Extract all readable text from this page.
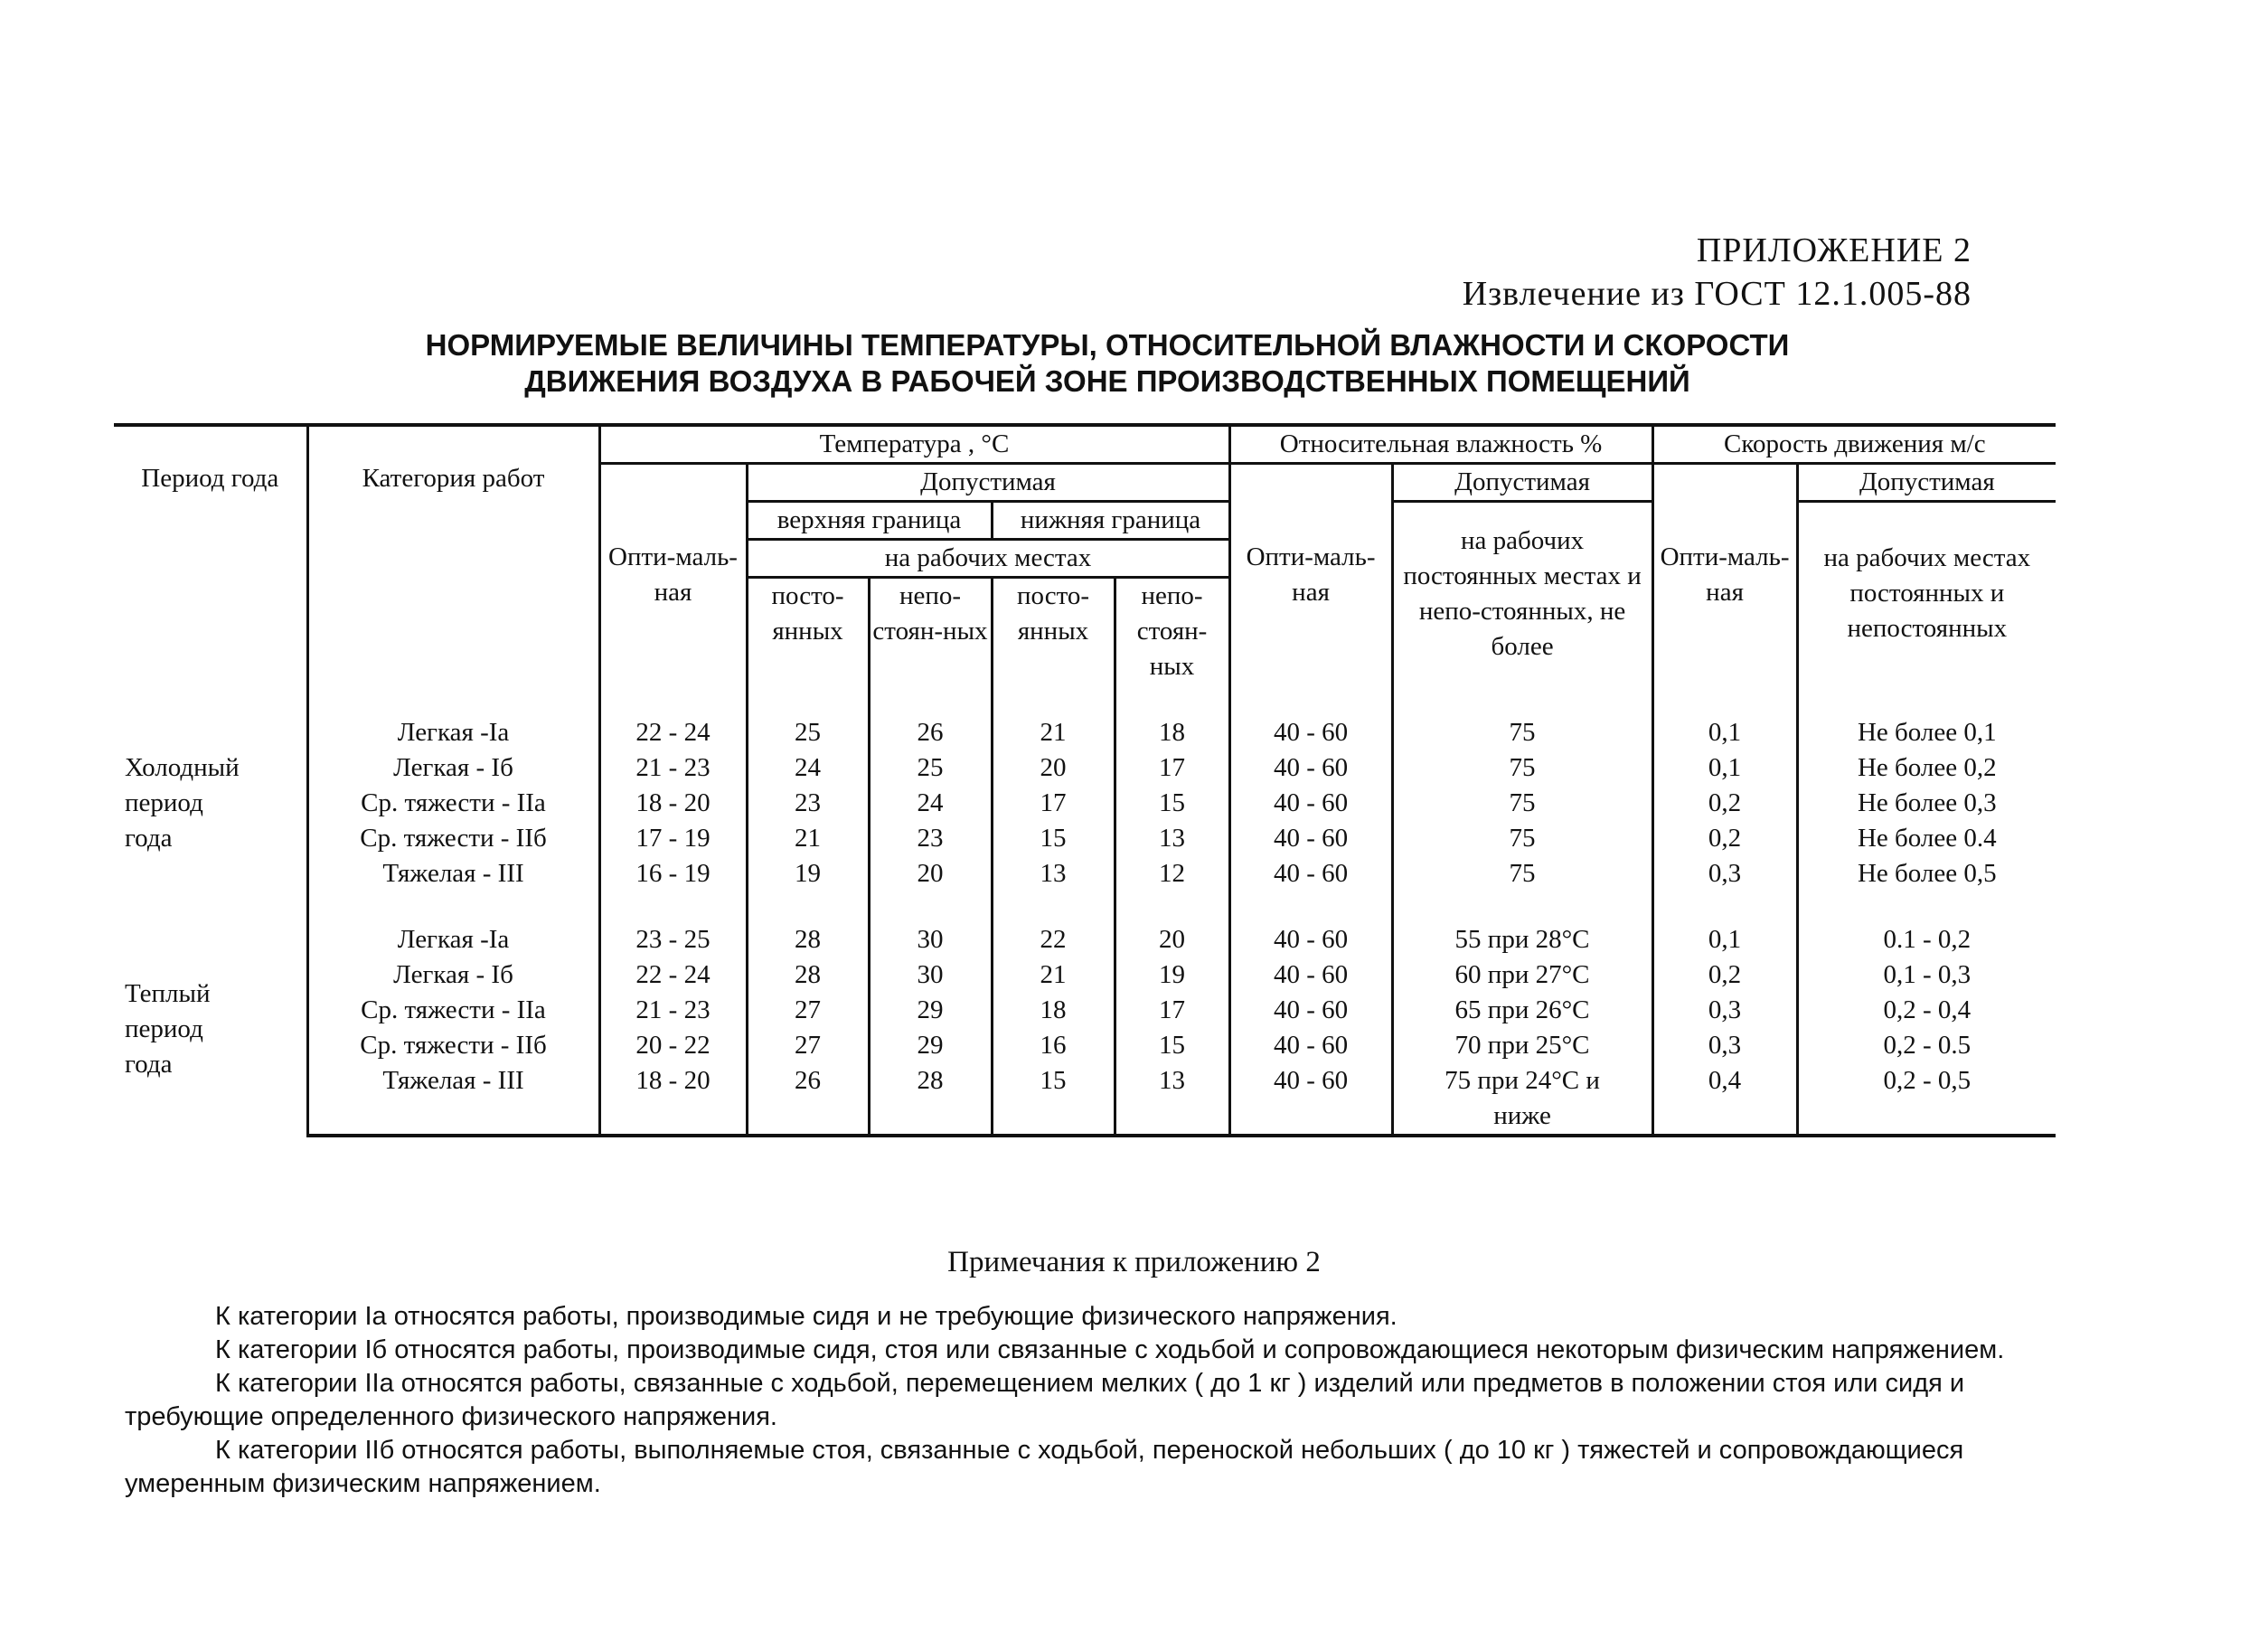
ПРИЛОЖЕНИЕ 2
Извлечение из ГОСТ 12.1.005-88
НОРМИРУЕМЫЕ ВЕЛИЧИНЫ ТЕМПЕРАТУРЫ, ОТНОСИТЕЛЬНОЙ ВЛАЖНОСТИ И СКОРОСТИ
ДВИЖЕНИЯ ВОЗДУХА В РАБОЧЕЙ ЗОНЕ ПРОИЗВОДСТВЕННЫХ ПОМЕЩЕНИЙ
Период года	Категория работ	Температура , °С					Относительная влажность %		Скорость движения м/с	
		Опти-маль-ная	Допустимая				Опти-маль-ная	Допустимая	Опти-маль-ная	Допустимая
			верхняя граница		нижняя граница			на рабочих постоянных местах и непо-стоянных, не более		на рабочих местах постоянных и непостоянных
			на рабочих местах							
			посто-янных	непо-стоян-ных	посто-янных	непо-стоян-ных				

Холодный период года	Легкая -Iа	22 - 24	25	26	21	18	40 - 60	75	0,1	Не более 0,1
	Легкая - Iб	21 - 23	24	25	20	17	40 - 60	75	0,1	Не более 0,2
	Ср. тяжести - IIа	18 - 20	23	24	17	15	40 - 60	75	0,2	Не более 0,3
	Ср. тяжести - IIб	17 - 19	21	23	15	13	40 - 60	75	0,2	Не более 0.4
	Тяжелая - III	16 - 19	19	20	13	12	40 - 60	75	0,3	Не более 0,5

Теплый период года	Легкая -Iа	23 - 25	28	30	22	20	40 - 60	55 при 28°С	0,1	0.1 - 0,2
	Легкая - Iб	22 - 24	28	30	21	19	40 - 60	60 при 27°С	0,2	0,1 - 0,3
	Ср. тяжести - IIа	21 - 23	27	29	18	17	40 - 60	65 при 26°С	0,3	0,2 - 0,4
	Ср. тяжести - IIб	20 - 22	27	29	16	15	40 - 60	70 при 25°С	0,3	0,2 - 0.5
	Тяжелая - III	18 - 20	26	28	15	13	40 - 60	75 при 24°С и ниже	0,4	0,2 - 0,5
Примечания к приложению 2

К категории Iа относятся работы, производимые сидя и не требующие физического напряжения.

К категории Iб относятся работы, производимые сидя, стоя или связанные с ходьбой и сопровождающиеся некоторым физическим напряжением.

К категории IIа относятся работы, связанные с ходьбой, перемещением мелких ( до 1 кг ) изделий или предметов в положении стоя или сидя и требующие определенного физического напряжения.

К категории IIб относятся работы, выполняемые стоя, связанные с ходьбой, переноской небольших ( до 10 кг ) тяжестей и сопровождающиеся умеренным физическим напряжением.
